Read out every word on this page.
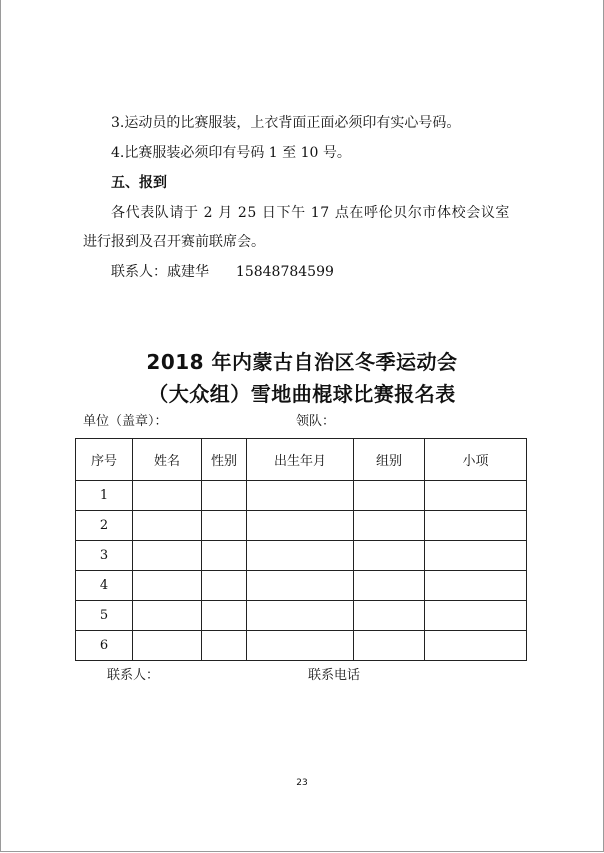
3.运动员的比赛服装，上衣背面正面必须印有实心号码。
4.比赛服装必须印有号码 1 至 10 号。
五、报到
各代表队请于 2 月 25 日下午 17 点在呼伦贝尔市体校会议室
进行报到及召开赛前联席会。
联系人：戚建华 15848784599
2018 年内蒙古自治区冬季运动会
（大众组）雪地曲棍球比赛报名表
单位（盖章）：	领队：
序号	姓名	性别	出生年月	组别	小项
1					
2					
3					
4					
5					
6					
联系人：	联系电话
23
